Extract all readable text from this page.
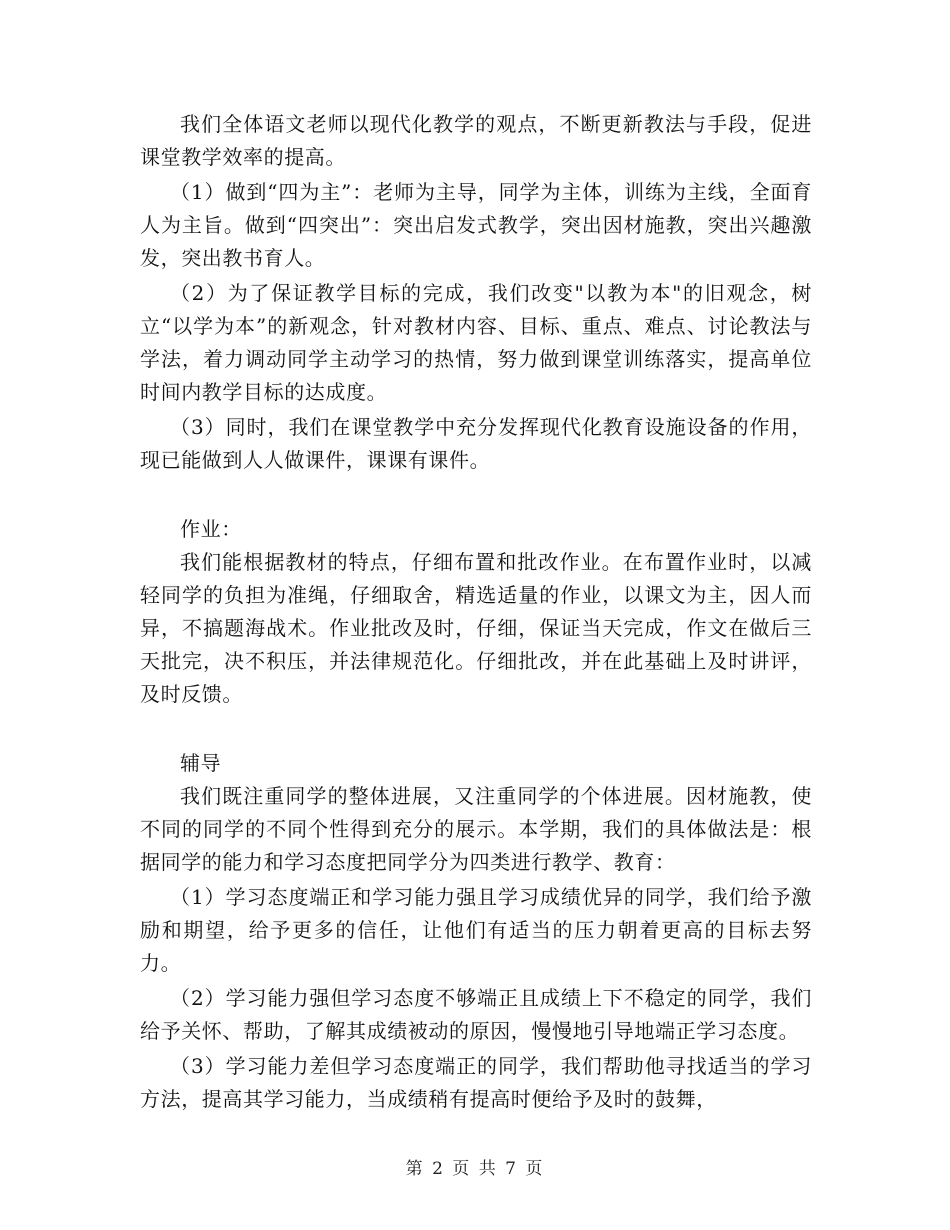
我们全体语文老师以现代化教学的观点，不断更新教法与手段，促进课堂教学效率的提高。

（1）做到“四为主”：老师为主导，同学为主体，训练为主线，全面育人为主旨。做到“四突出”：突出启发式教学，突出因材施教，突出兴趣激发，突出教书育人。

（2）为了保证教学目标的完成，我们改变"以教为本"的旧观念，树立“以学为本”的新观念，针对教材内容、目标、重点、难点、讨论教法与学法，着力调动同学主动学习的热情，努力做到课堂训练落实，提高单位时间内教学目标的达成度。

（3）同时，我们在课堂教学中充分发挥现代化教育设施设备的作用，现已能做到人人做课件，课课有课件。

作业：

我们能根据教材的特点，仔细布置和批改作业。在布置作业时，以减轻同学的负担为准绳，仔细取舍，精选适量的作业，以课文为主，因人而异，不搞题海战术。作业批改及时，仔细，保证当天完成，作文在做后三天批完，决不积压，并法律规范化。仔细批改，并在此基础上及时讲评，及时反馈。

辅导

我们既注重同学的整体进展，又注重同学的个体进展。因材施教，使不同的同学的不同个性得到充分的展示。本学期，我们的具体做法是：根据同学的能力和学习态度把同学分为四类进行教学、教育：

（1）学习态度端正和学习能力强且学习成绩优异的同学，我们给予激励和期望，给予更多的信任，让他们有适当的压力朝着更高的目标去努力。

（2）学习能力强但学习态度不够端正且成绩上下不稳定的同学，我们给予关怀、帮助，了解其成绩被动的原因，慢慢地引导地端正学习态度。

（3）学习能力差但学习态度端正的同学，我们帮助他寻找适当的学习方法，提高其学习能力，当成绩稍有提高时便给予及时的鼓舞，

第 2 页 共 7 页
